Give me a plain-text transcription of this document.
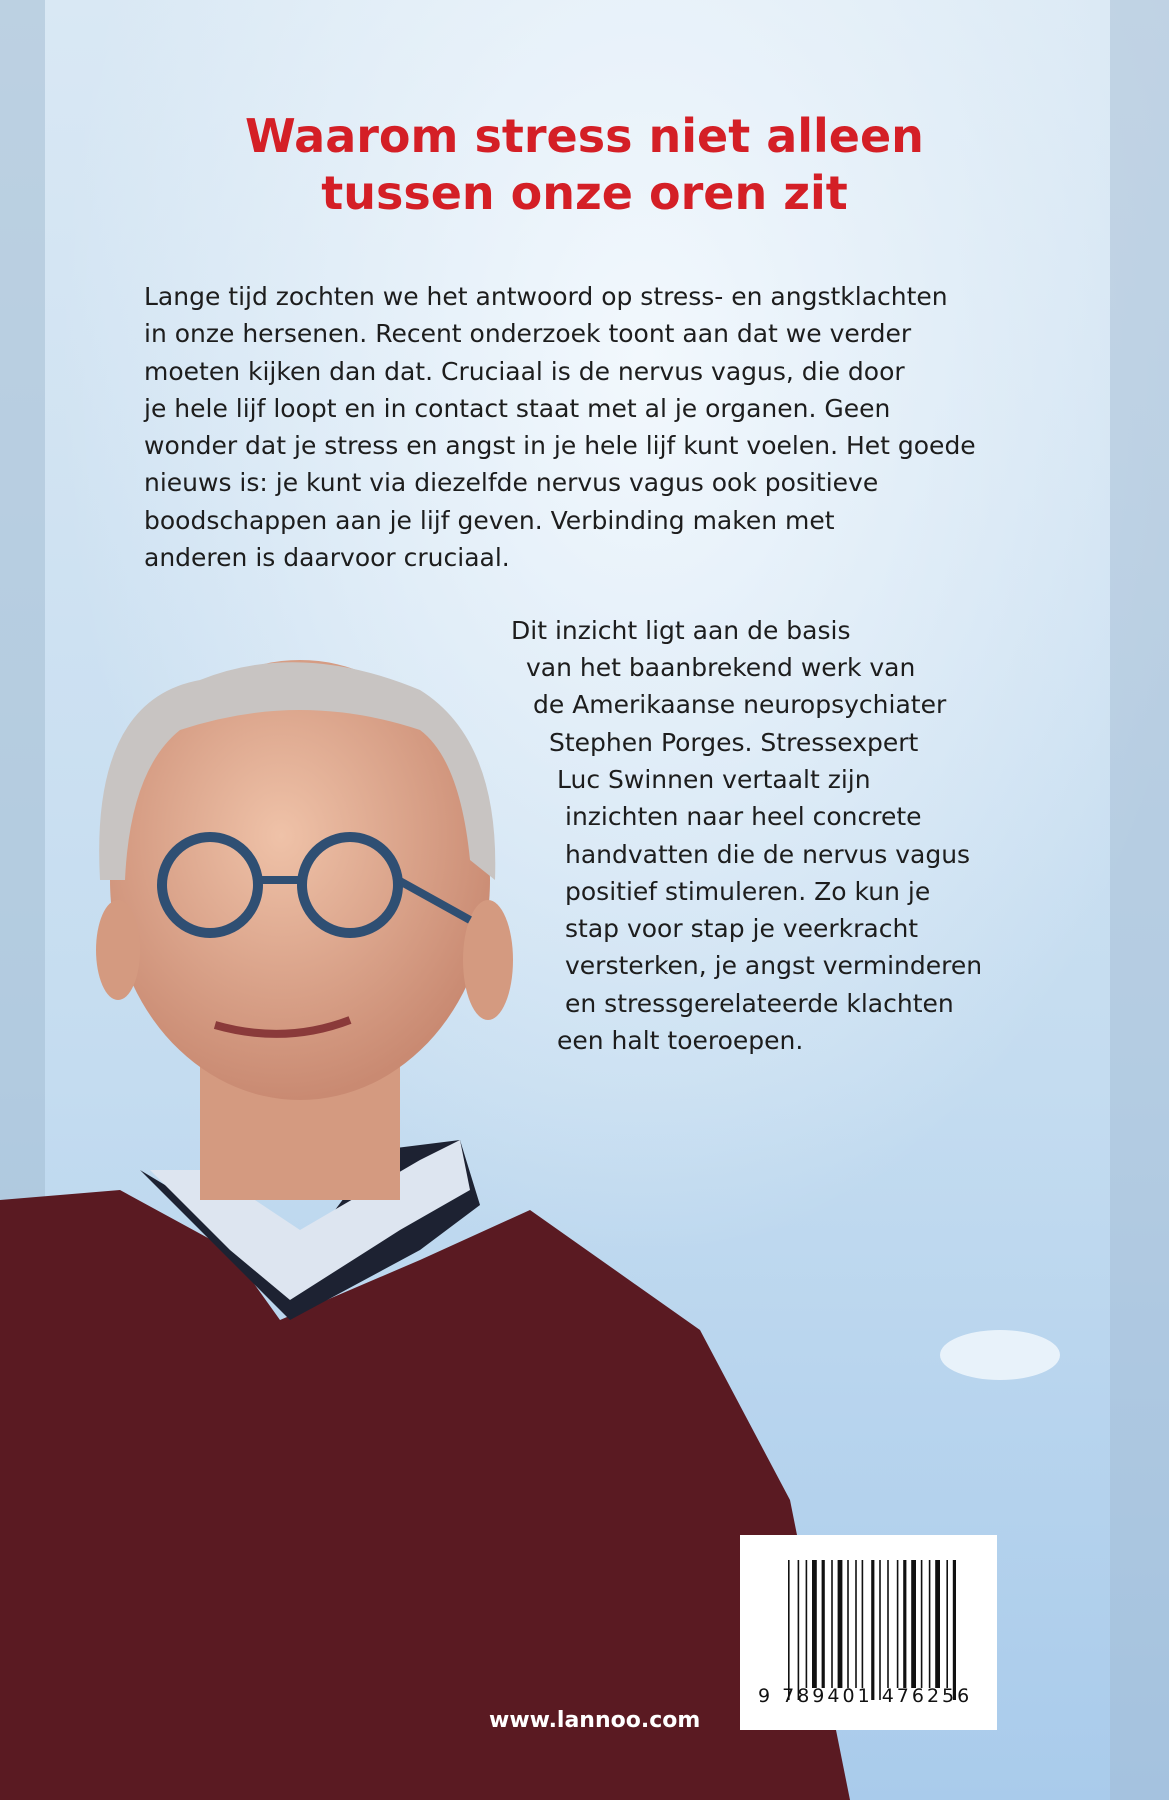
Waarom stress niet alleen
tussen onze oren zit
Lange tijd zochten we het antwoord op stress- en angstklachten
in onze hersenen. Recent onderzoek toont aan dat we verder
moeten kijken dan dat. Cruciaal is de nervus vagus, die door
je hele lijf loopt en in contact staat met al je organen. Geen
wonder dat je stress en angst in je hele lijf kunt voelen. Het goede
nieuws is: je kunt via diezelfde nervus vagus ook positieve
boodschappen aan je lijf geven. Verbinding maken met
anderen is daarvoor cruciaal.
Dit inzicht ligt aan de basis
van het baanbrekend werk van
de Amerikaanse neuropsychiater
Stephen Porges. Stressexpert
Luc Swinnen vertaalt zijn
inzichten naar heel concrete
handvatten die de nervus vagus
positief stimuleren. Zo kun je
stap voor stap je veerkracht
versterken, je angst verminderen
en stressgerelateerde klachten
een halt toeroepen.
9 789401 476256
www.lannoo.com
